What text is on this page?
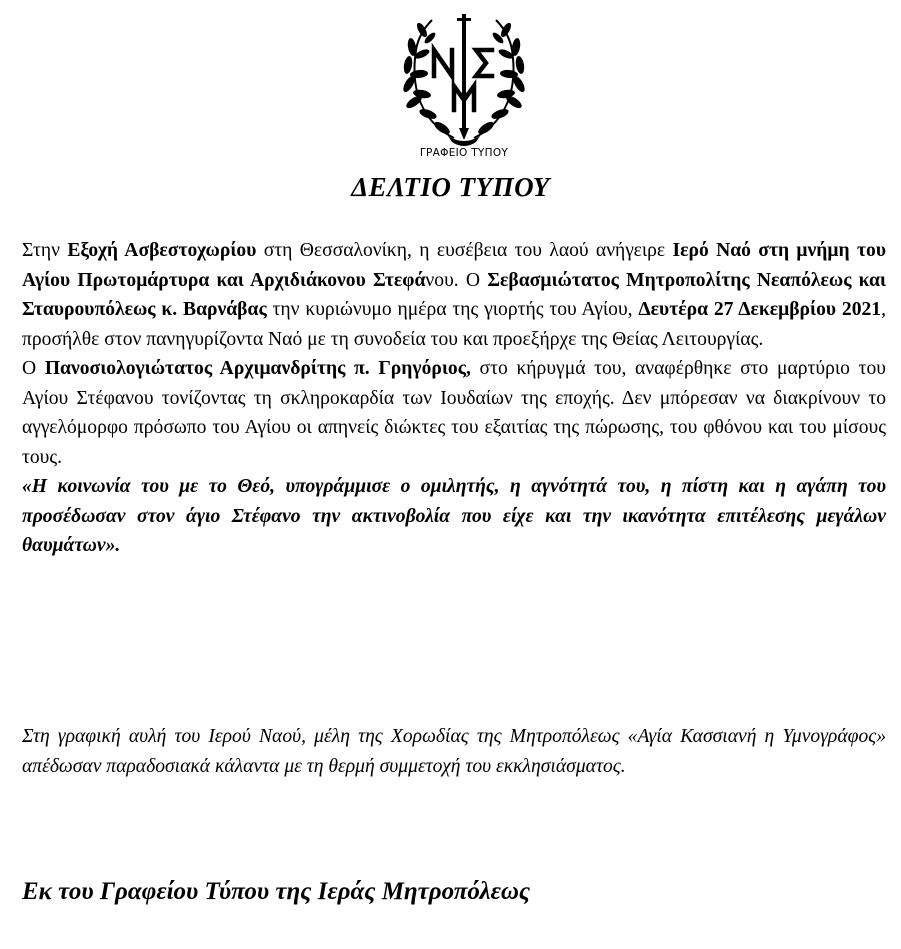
ΓΡΑΦΕΙΟ ΤΥΠΟΥ
ΔΕΛΤΙΟ ΤΥΠΟΥ

Στην Εξοχή Ασβεστοχωρίου στη Θεσσαλονίκη, η ευσέβεια του λαού ανήγειρε Ιερό Ναό στη μνήμη του Αγίου Πρωτομάρτυρα και Αρχιδιάκονου Στεφάνου. Ο Σεβασμιώτατος Μητροπολίτης Νεαπόλεως και Σταυρουπόλεως κ. Βαρνάβας την κυριώνυμο ημέρα της γιορτής του Αγίου, Δευτέρα 27 Δεκεμβρίου 2021, προσήλθε στον πανηγυρίζοντα Ναό με τη συνοδεία του και προεξήρχε της Θείας Λειτουργίας.

Ο Πανοσιολογιώτατος Αρχιμανδρίτης π. Γρηγόριος, στο κήρυγμά του, αναφέρθηκε στο μαρτύριο του Αγίου Στέφανου τονίζοντας τη σκληροκαρδία των Ιουδαίων της εποχής. Δεν μπόρεσαν να διακρίνουν το αγγελόμορφο πρόσωπο του Αγίου οι απηνείς διώκτες του εξαιτίας της πώρωσης, του φθόνου και του μίσους τους.

«Η κοινωνία του με το Θεό, υπογράμμισε ο ομιλητής, η αγνότητά του, η πίστη και η αγάπη του προσέδωσαν στον άγιο Στέφανο την ακτινοβολία που είχε και την ικανότητα επιτέλεσης μεγάλων θαυμάτων».

Στη γραφική αυλή του Ιερού Ναού, μέλη της Χορωδίας της Μητροπόλεως «Αγία Κασσιανή η Υμνογράφος» απέδωσαν παραδοσιακά κάλαντα με τη θερμή συμμετοχή του εκκλησιάσματος.

Εκ του Γραφείου Τύπου της Ιεράς Μητροπόλεως
